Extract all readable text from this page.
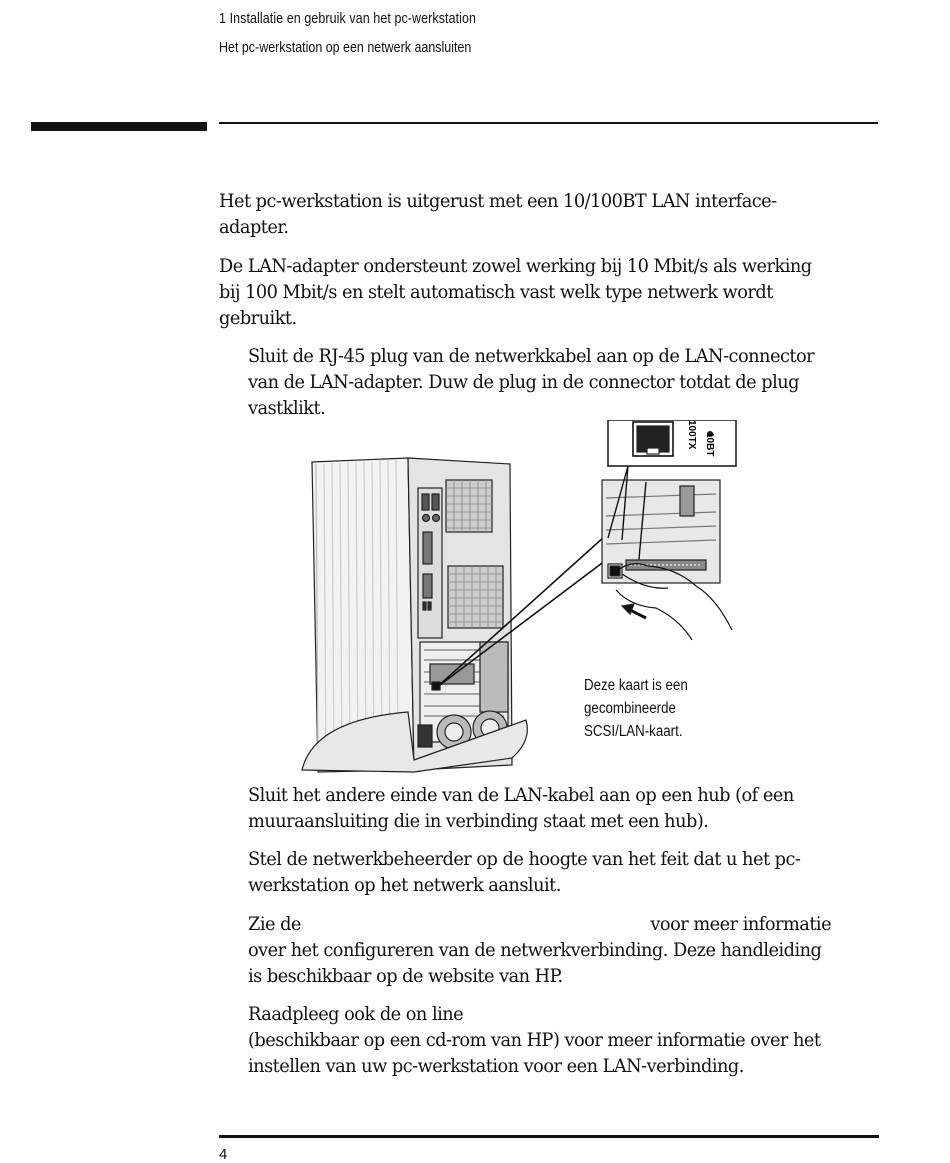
1 Installatie en gebruik van het pc-werkstation
Het pc-werkstation op een netwerk aansluiten

Het pc-werkstation is uitgerust met een 10/100BT LAN interface-
adapter.

De LAN-adapter ondersteunt zowel werking bij 10 Mbit/s als werking
bij 100 Mbit/s en stelt automatisch vast welk type netwerk wordt
gebruikt.

Sluit de RJ-45 plug van de netwerkkabel aan op de LAN-connector
van de LAN-adapter. Duw de plug in de connector totdat de plug
vastklikt.

10BT
100TX
Deze kaart is een
gecombineerde
SCSI/LAN-kaart.

Sluit het andere einde van de LAN-kabel aan op een hub (of een
muuraansluiting die in verbinding staat met een hub).

Stel de netwerkbeheerder op de hoogte van het feit dat u het pc-
werkstation op het netwerk aansluit.

Zie de	voor meer informatie
over het configureren van de netwerkverbinding. Deze handleiding
is beschikbaar op de website van HP.

Raadpleeg ook de on line
(beschikbaar op een cd-rom van HP) voor meer informatie over het
instellen van uw pc-werkstation voor een LAN-verbinding.

4
